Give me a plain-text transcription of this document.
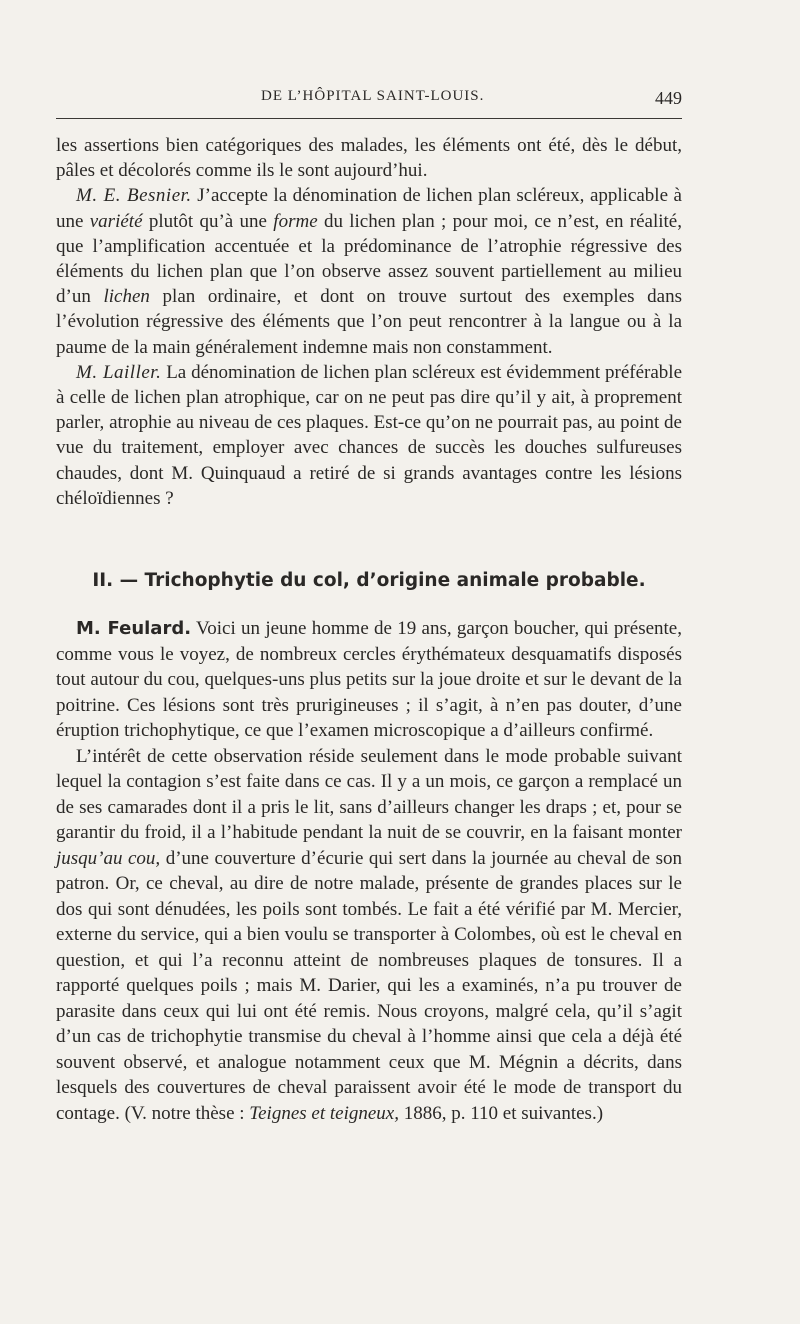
DE L’HÔPITAL SAINT-LOUIS.	449

les assertions bien catégoriques des malades, les éléments ont été, dès le début, pâles et décolorés comme ils le sont aujourd’hui.

M. E. Besnier. J’accepte la dénomination de lichen plan scléreux, applicable à une variété plutôt qu’à une forme du lichen plan ; pour moi, ce n’est, en réalité, que l’amplification accentuée et la prédominance de l’atrophie régressive des éléments du lichen plan que l’on observe assez souvent partiellement au milieu d’un lichen plan ordinaire, et dont on trouve surtout des exemples dans l’évolution régressive des éléments que l’on peut rencontrer à la langue ou à la paume de la main généralement indemne mais non constamment.

M. Lailler. La dénomination de lichen plan scléreux est évidemment préférable à celle de lichen plan atrophique, car on ne peut pas dire qu’il y ait, à proprement parler, atrophie au niveau de ces plaques. Est-ce qu’on ne pourrait pas, au point de vue du traitement, employer avec chances de succès les douches sulfureuses chaudes, dont M. Quinquaud a retiré de si grands avantages contre les lésions chéloïdiennes ?

II. — Trichophytie du col, d’origine animale probable.

M. Feulard. Voici un jeune homme de 19 ans, garçon boucher, qui présente, comme vous le voyez, de nombreux cercles érythémateux desquamatifs disposés tout autour du cou, quelques-uns plus petits sur la joue droite et sur le devant de la poitrine. Ces lésions sont très prurigineuses ; il s’agit, à n’en pas douter, d’une éruption trichophytique, ce que l’examen microscopique a d’ailleurs confirmé.

L’intérêt de cette observation réside seulement dans le mode probable suivant lequel la contagion s’est faite dans ce cas. Il y a un mois, ce garçon a remplacé un de ses camarades dont il a pris le lit, sans d’ailleurs changer les draps ; et, pour se garantir du froid, il a l’habitude pendant la nuit de se couvrir, en la faisant monter jusqu’au cou, d’une couverture d’écurie qui sert dans la journée au cheval de son patron. Or, ce cheval, au dire de notre malade, présente de grandes places sur le dos qui sont dénudées, les poils sont tombés. Le fait a été vérifié par M. Mercier, externe du service, qui a bien voulu se transporter à Colombes, où est le cheval en question, et qui l’a reconnu atteint de nombreuses plaques de tonsures. Il a rapporté quelques poils ; mais M. Darier, qui les a examinés, n’a pu trouver de parasite dans ceux qui lui ont été remis. Nous croyons, malgré cela, qu’il s’agit d’un cas de trichophytie transmise du cheval à l’homme ainsi que cela a déjà été souvent observé, et analogue notamment ceux que M. Mégnin a décrits, dans lesquels des couvertures de cheval paraissent avoir été le mode de transport du contage. (V. notre thèse : Teignes et teigneux, 1886, p. 110 et suivantes.)
